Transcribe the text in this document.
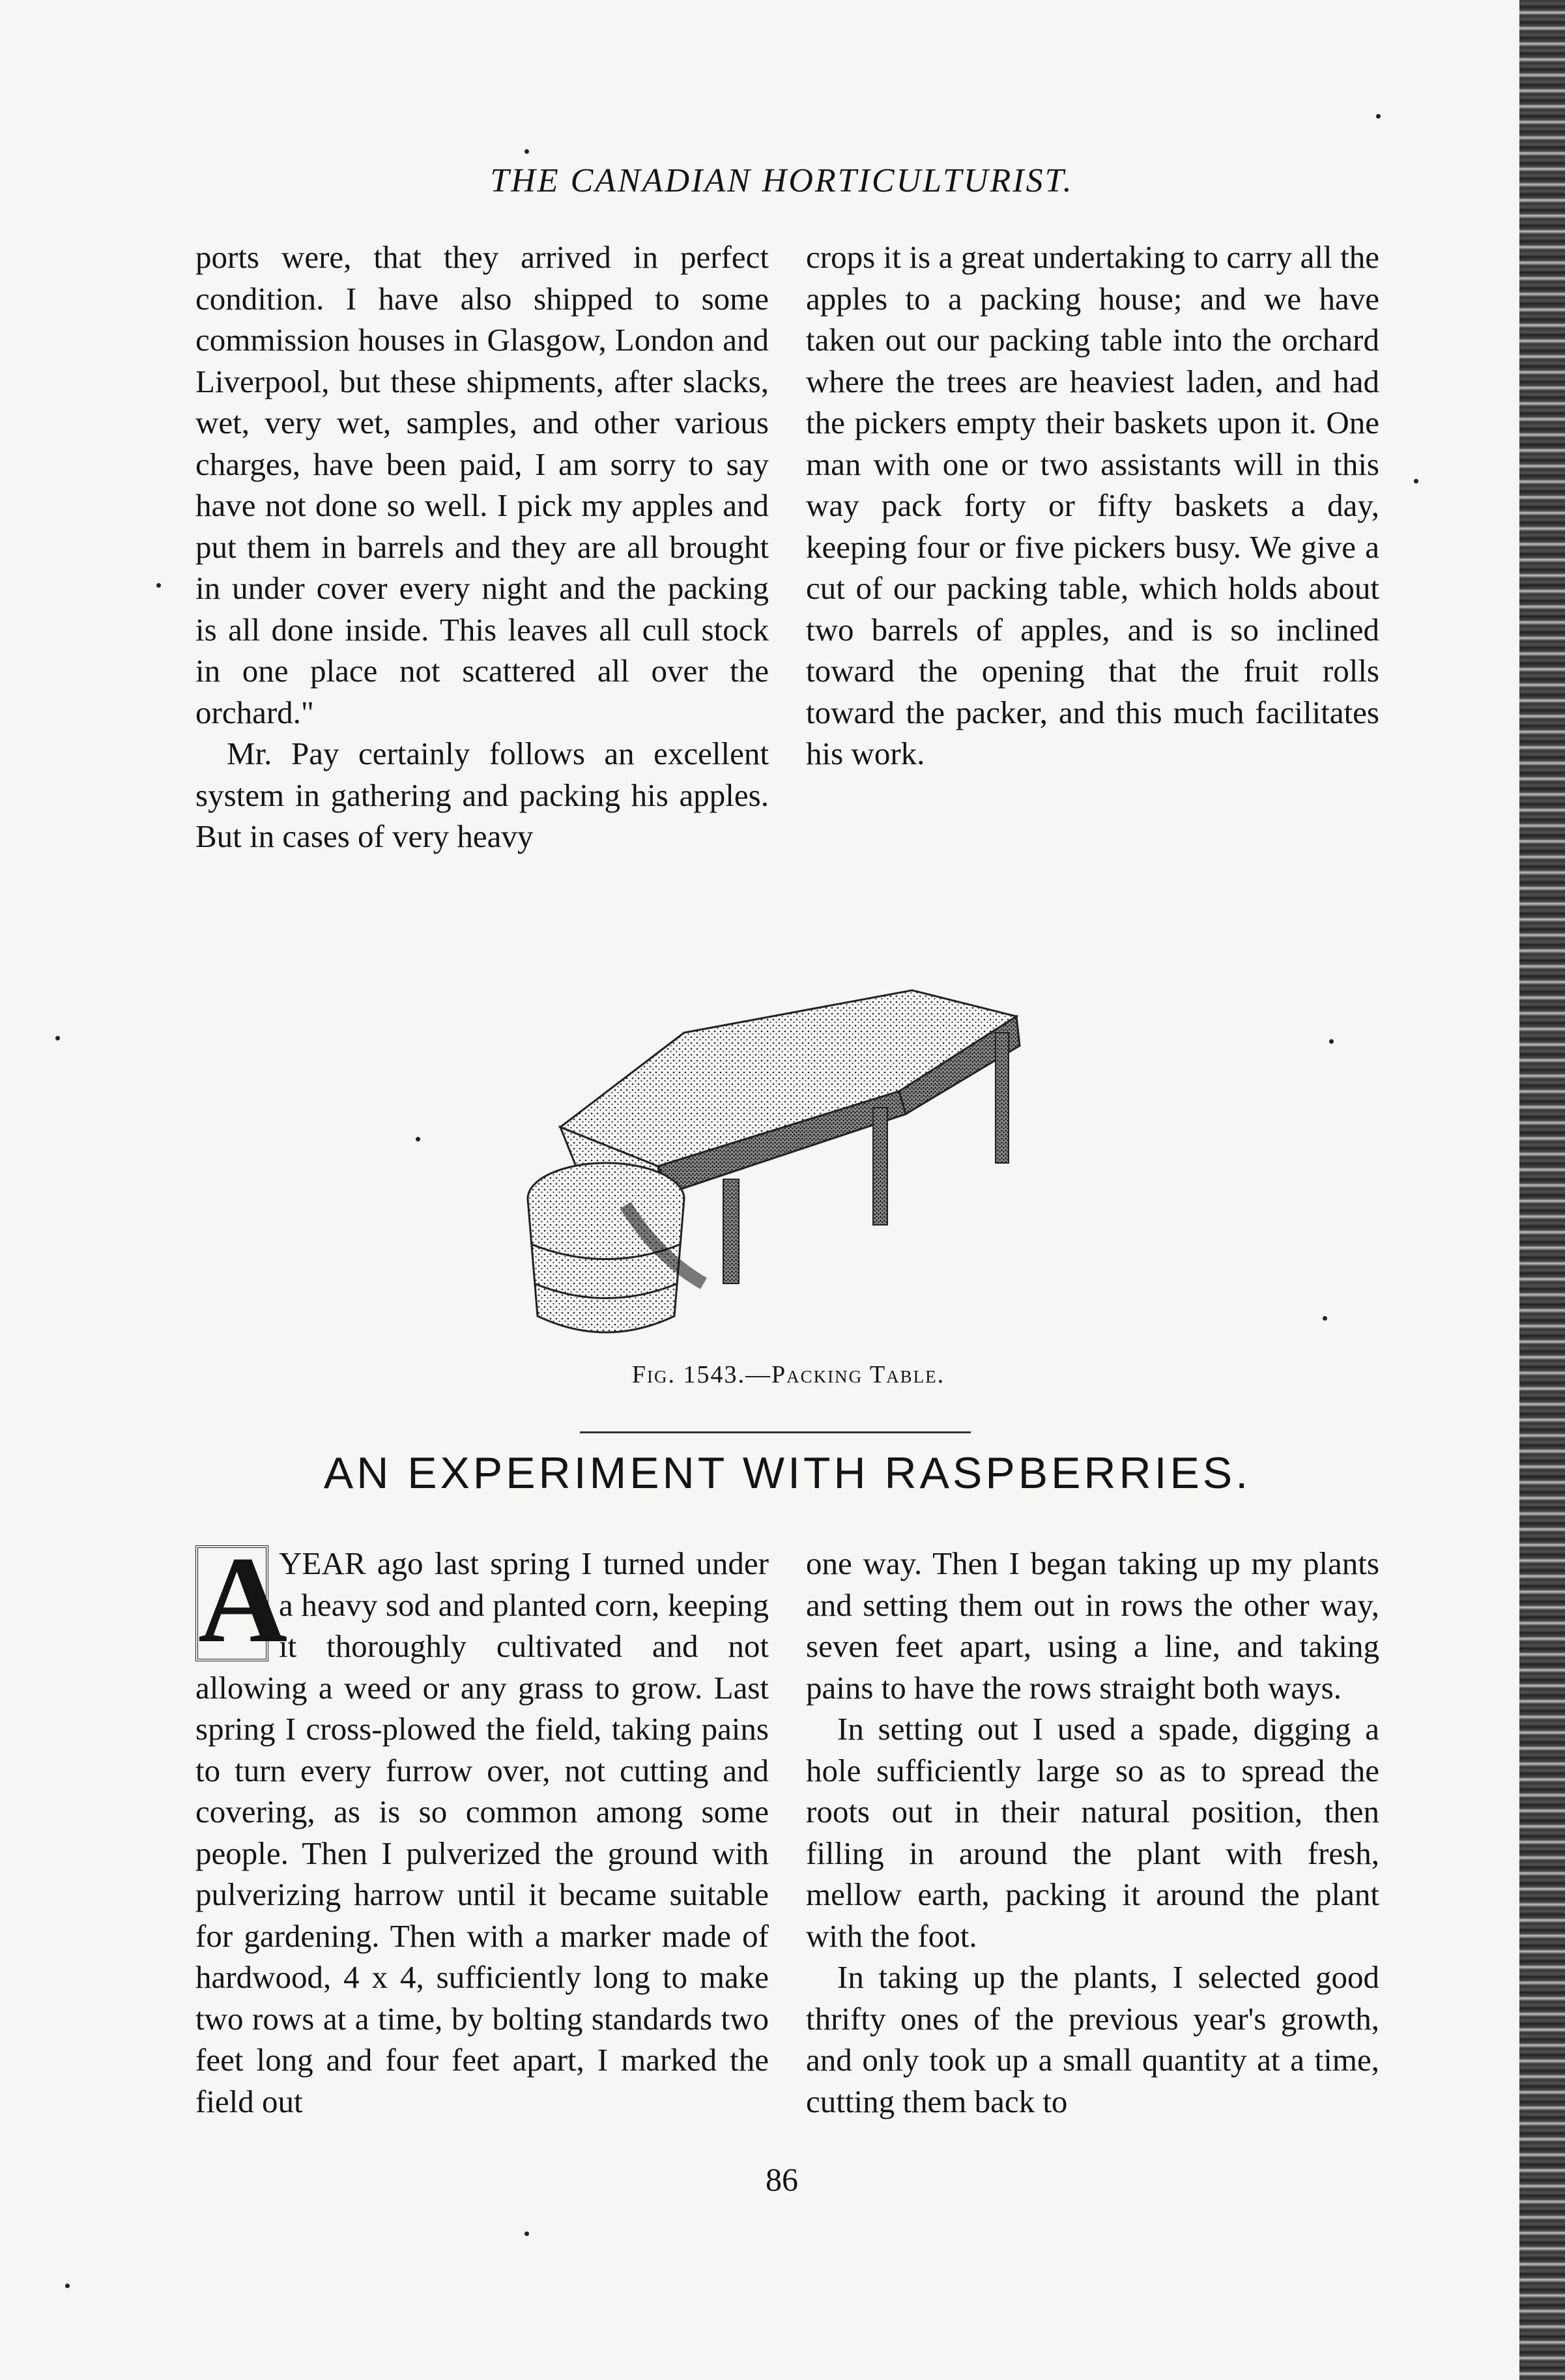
THE CANADIAN HORTICULTURIST.

ports were, that they arrived in perfect condition. I have also shipped to some commission houses in Glasgow, London and Liverpool, but these shipments, after slacks, wet, very wet, samples, and other various charges, have been paid, I am sorry to say have not done so well. I pick my apples and put them in barrels and they are all brought in under cover every night and the packing is all done inside. This leaves all cull stock in one place not scattered all over the orchard."

Mr. Pay certainly follows an excellent system in gathering and packing his apples. But in cases of very heavy

crops it is a great undertaking to carry all the apples to a packing house; and we have taken out our packing table into the orchard where the trees are heaviest laden, and had the pickers empty their baskets upon it. One man with one or two assistants will in this way pack forty or fifty baskets a day, keeping four or five pickers busy. We give a cut of our packing table, which holds about two barrels of apples, and is so inclined toward the opening that the fruit rolls toward the packer, and this much facilitates his work.

Fig. 1543.—Packing Table.
AN EXPERIMENT WITH RASPBERRIES.

A
YEAR ago last spring I turned under a heavy sod and planted corn, keeping it thoroughly cultivated and not allowing a weed or any grass to grow. Last spring I cross-plowed the field, taking pains to turn every furrow over, not cutting and covering, as is so common among some people. Then I pulverized the ground with pulverizing harrow until it became suitable for gardening. Then with a marker made of hardwood, 4 x 4, sufficiently long to make two rows at a time, by bolting standards two feet long and four feet apart, I marked the field out

one way. Then I began taking up my plants and setting them out in rows the other way, seven feet apart, using a line, and taking pains to have the rows straight both ways.

In setting out I used a spade, digging a hole sufficiently large so as to spread the roots out in their natural position, then filling in around the plant with fresh, mellow earth, packing it around the plant with the foot.

In taking up the plants, I selected good thrifty ones of the previous year's growth, and only took up a small quantity at a time, cutting them back to

86
